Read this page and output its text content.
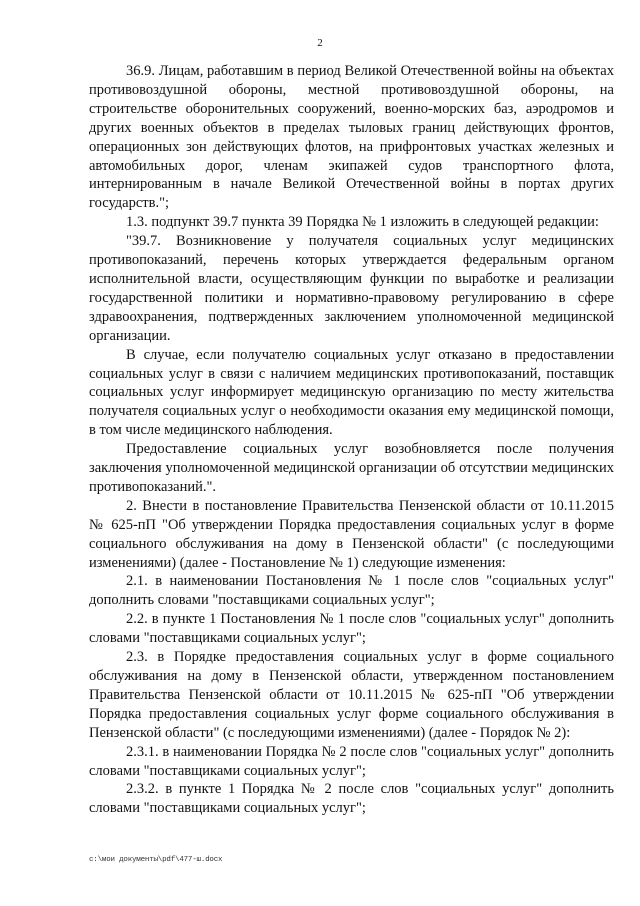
2

36.9. Лицам, работавшим в период Великой Отечественной войны на объектах противовоздушной обороны, местной противовоздушной обороны, на строительстве оборонительных сооружений, военно-морских баз, аэродромов и других военных объектов в пределах тыловых границ действующих фронтов, операционных зон действующих флотов, на прифронтовых участках железных и автомобильных дорог, членам экипажей судов транспортного флота, интернированным в начале Великой Отечественной войны в портах других государств.";

1.3. подпункт 39.7 пункта 39 Порядка № 1 изложить в следующей редакции:

"39.7. Возникновение у получателя социальных услуг медицинских противопоказаний, перечень которых утверждается федеральным органом исполнительной власти, осуществляющим функции по выработке и реализации государственной политики и нормативно-правовому регулированию в сфере здравоохранения, подтвержденных заключением уполномоченной медицинской организации.

В случае, если получателю социальных услуг отказано в предоставлении социальных услуг в связи с наличием медицинских противопоказаний, поставщик социальных услуг информирует медицинскую организацию по месту жительства получателя социальных услуг о необходимости оказания ему медицинской помощи, в том числе медицинского наблюдения.

Предоставление социальных услуг возобновляется после получения заключения уполномоченной медицинской организации об отсутствии медицинских противопоказаний.".

2. Внести в постановление Правительства Пензенской области от 10.11.2015 № 625-пП "Об утверждении Порядка предоставления социальных услуг в форме социального обслуживания на дому в Пензенской области" (с последующими изменениями) (далее - Постановление № 1) следующие изменения:

2.1. в наименовании Постановления № 1 после слов "социальных услуг" дополнить словами "поставщиками социальных услуг";

2.2. в пункте 1 Постановления № 1 после слов "социальных услуг" дополнить словами "поставщиками социальных услуг";

2.3. в Порядке предоставления социальных услуг в форме социального обслуживания на дому в Пензенской области, утвержденном постановлением Правительства Пензенской области от 10.11.2015 № 625-пП "Об утверждении Порядка предоставления социальных услуг форме социального обслуживания в Пензенской области" (с последующими изменениями) (далее - Порядок № 2):

2.3.1. в наименовании Порядка № 2 после слов "социальных услуг" дополнить словами "поставщиками социальных услуг";

2.3.2. в пункте 1 Порядка № 2 после слов "социальных услуг" дополнить словами "поставщиками социальных услуг";

c:\мои документы\pdf\477-ш.docx
